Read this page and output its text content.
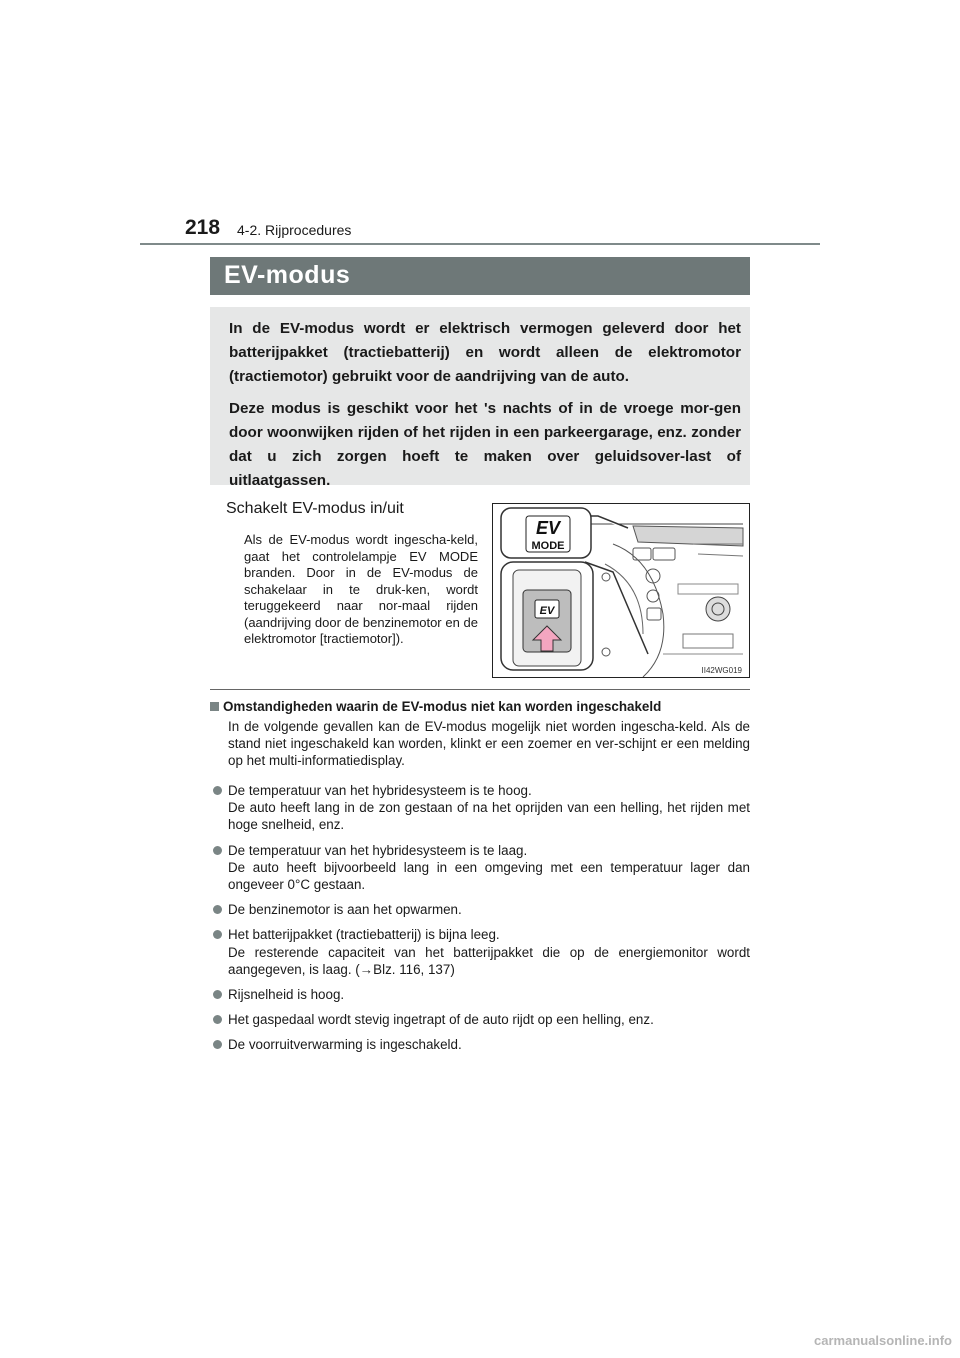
218 4-2. Rijprocedures
EV-modus

In de EV-modus wordt er elektrisch vermogen geleverd door het batterijpakket (tractiebatterij) en wordt alleen de elektromotor (tractiemotor) gebruikt voor de aandrijving van de auto.

Deze modus is geschikt voor het 's nachts of in de vroege mor-gen door woonwijken rijden of het rijden in een parkeergarage, enz. zonder dat u zich zorgen hoeft te maken over geluidsover-last of uitlaatgassen.

Schakelt EV-modus in/uit
Als de EV-modus wordt ingescha-keld, gaat het controlelampje EV MODE branden. Door in de EV-modus de schakelaar in te druk-ken, wordt teruggekeerd naar nor-maal rijden (aandrijving door de benzinemotor en de elektromotor [tractiemotor]).
EV
MODE
EV
II42WG019
Omstandigheden waarin de EV-modus niet kan worden ingeschakeld
In de volgende gevallen kan de EV-modus mogelijk niet worden ingescha-keld. Als de stand niet ingeschakeld kan worden, klinkt er een zoemer en ver-schijnt er een melding op het multi-informatiedisplay.
De temperatuur van het hybridesysteem is te hoog.
De auto heeft lang in de zon gestaan of na het oprijden van een helling, het rijden met hoge snelheid, enz.
De temperatuur van het hybridesysteem is te laag.
De auto heeft bijvoorbeeld lang in een omgeving met een temperatuur lager dan ongeveer 0°C gestaan.
De benzinemotor is aan het opwarmen.
Het batterijpakket (tractiebatterij) is bijna leeg.
De resterende capaciteit van het batterijpakket die op de energiemonitor wordt aangegeven, is laag. (→Blz. 116, 137)
Rijsnelheid is hoog.
Het gaspedaal wordt stevig ingetrapt of de auto rijdt op een helling, enz.
De voorruitverwarming is ingeschakeld.
carmanualsonline.info
